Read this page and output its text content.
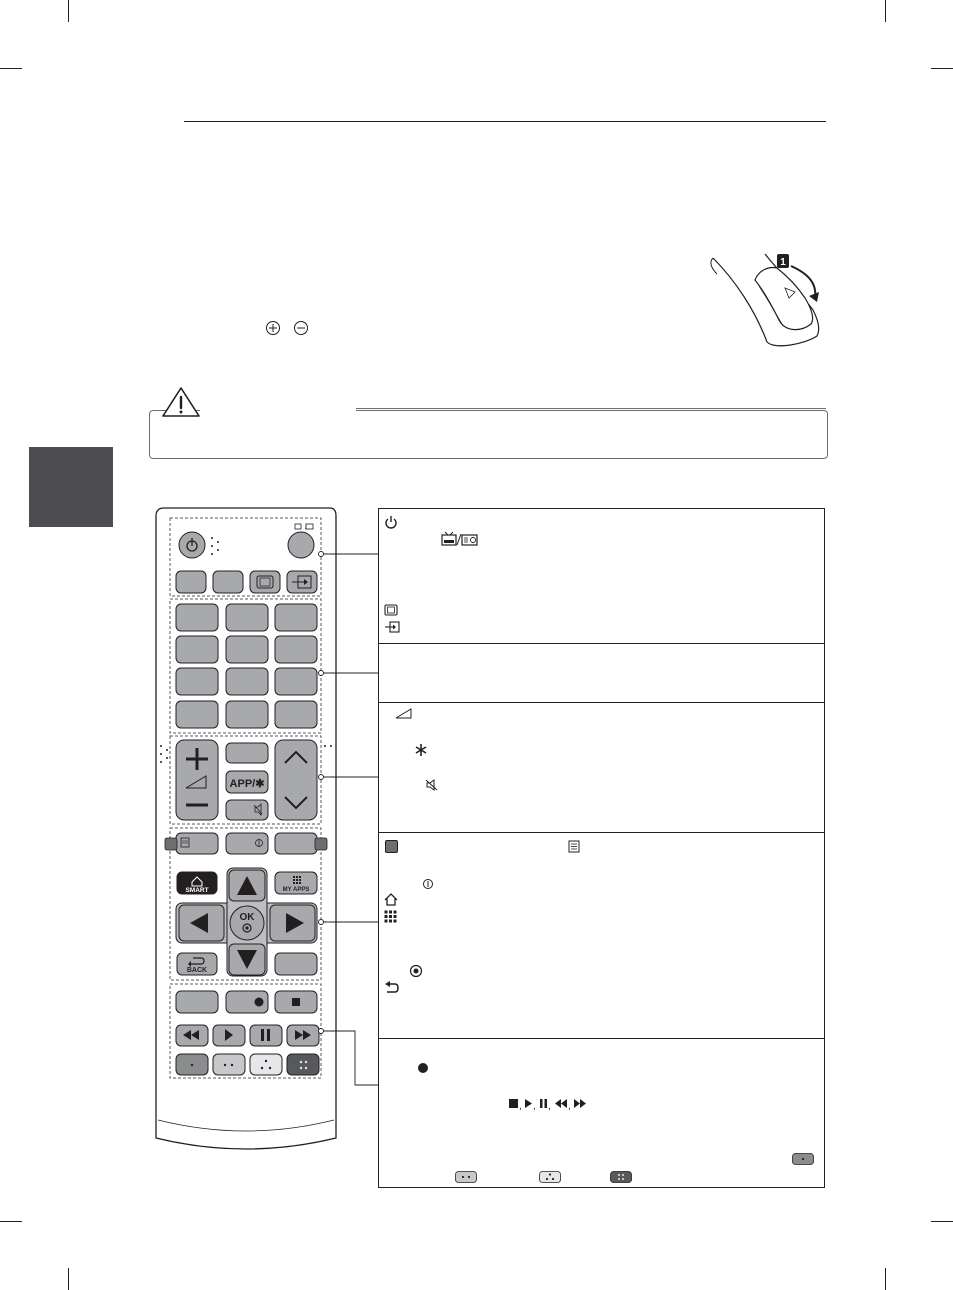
1
/
APP/✱
SMART	MY APPS
OK
BACK
, , , ,
